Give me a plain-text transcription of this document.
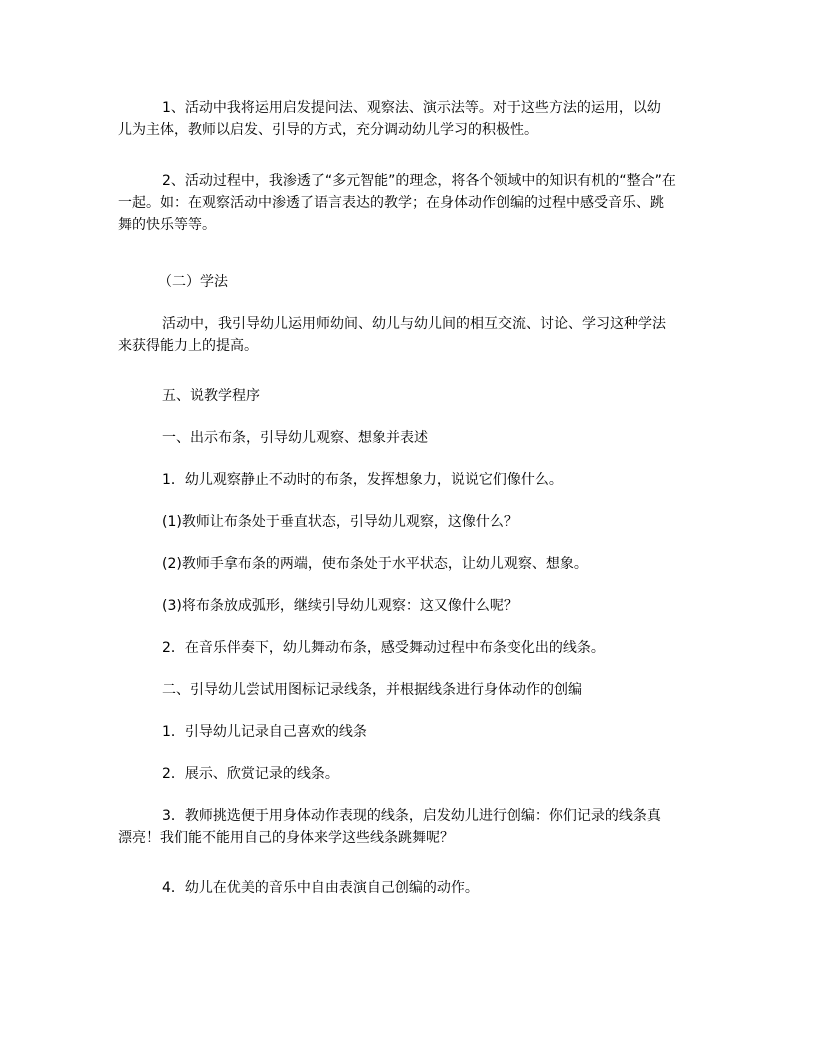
1、活动中我将运用启发提问法、观察法、演示法等。对于这些方法的运用，以幼
儿为主体，教师以启发、引导的方式，充分调动幼儿学习的积极性。

2、活动过程中，我渗透了“多元智能”的理念，将各个领域中的知识有机的“整合”在
一起。如：在观察活动中渗透了语言表达的教学；在身体动作创编的过程中感受音乐、跳
舞的快乐等等。

（二）学法

活动中，我引导幼儿运用师幼间、幼儿与幼儿间的相互交流、讨论、学习这种学法
来获得能力上的提高。

五、说教学程序

一、出示布条，引导幼儿观察、想象并表述

1．幼儿观察静止不动时的布条，发挥想象力，说说它们像什么。

(1)教师让布条处于垂直状态，引导幼儿观察，这像什么？

(2)教师手拿布条的两端，使布条处于水平状态，让幼儿观察、想象。

(3)将布条放成弧形，继续引导幼儿观察：这又像什么呢？

2．在音乐伴奏下，幼儿舞动布条，感受舞动过程中布条变化出的线条。

二、引导幼儿尝试用图标记录线条，并根据线条进行身体动作的创编

1．引导幼儿记录自己喜欢的线条

2．展示、欣赏记录的线条。

3．教师挑选便于用身体动作表现的线条，启发幼儿进行创编：你们记录的线条真
漂亮！我们能不能用自己的身体来学这些线条跳舞呢？

4．幼儿在优美的音乐中自由表演自己创编的动作。
